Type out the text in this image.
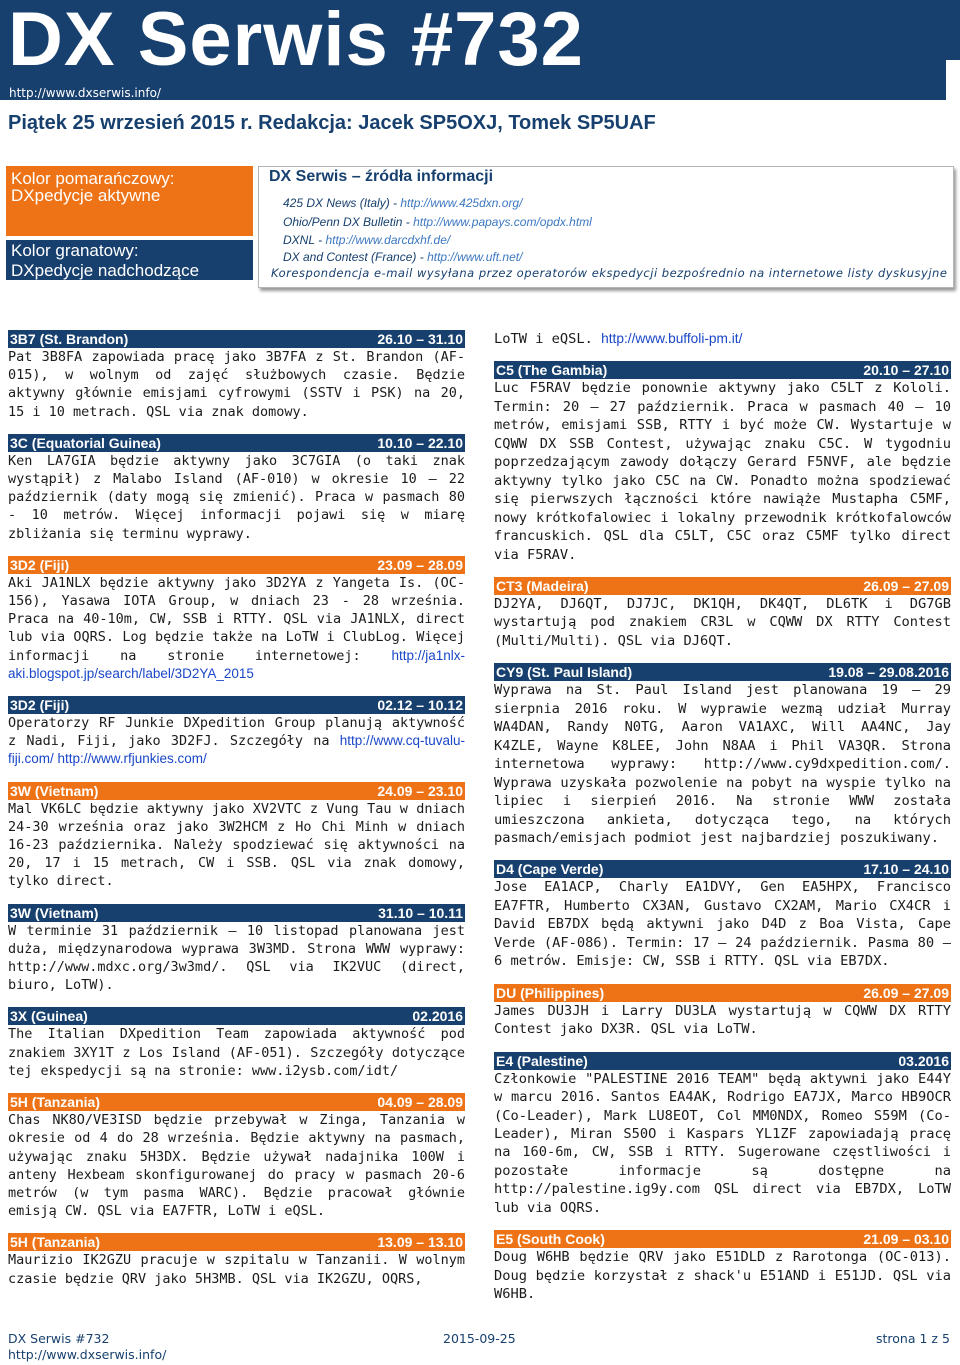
DX Serwis #732
http://www.dxserwis.info/
Piątek 25 wrzesień 2015 r. Redakcja: Jacek SP5OXJ, Tomek SP5UAF
Kolor pomarańczowy:
DXpedycje aktywne
Kolor granatowy:
DXpedycje nadchodzące
DX Serwis – źródła informacji
425 DX News (Italy) - http://www.425dxn.org/
Ohio/Penn DX Bulletin - http://www.papays.com/opdx.html
DXNL - http://www.darcdxhf.de/
DX and Contest (France) - http://www.uft.net/
Korespondencja e-mail wysyłana przez operatorów ekspedycji bezpośrednio na internetowe listy dyskusyjne
3B7 (St. Brandon)	26.10 – 31.10
Pat 3B8FA zapowiada pracę jako 3B7FA z St. Brandon (AF-015), w wolnym od zajęć służbowych czasie. Będzie aktywny głównie emisjami cyfrowymi (SSTV i PSK) na 20, 15 i 10 metrach. QSL via znak domowy.
3C (Equatorial Guinea)	10.10 – 22.10
Ken LA7GIA będzie aktywny jako 3C7GIA (o taki znak wystąpił) z Malabo Island (AF-010) w okresie 10 – 22 październik (daty mogą się zmienić). Praca w pasmach 80 - 10 metrów. Więcej informacji pojawi się w miarę zbliżania się terminu wyprawy.
3D2 (Fiji)	23.09 – 28.09
Aki JA1NLX będzie aktywny jako 3D2YA z Yangeta Is. (OC-156), Yasawa IOTA Group, w dniach 23 - 28 września. Praca na 40-10m, CW, SSB i RTTY. QSL via JA1NLX, direct lub via OQRS. Log będzie także na LoTW i ClubLog. Więcej informacji na stronie internetowej: http://ja1nlx-aki.blogspot.jp/search/label/3D2YA_2015
3D2 (Fiji)	02.12 – 10.12
Operatorzy RF Junkie DXpedition Group planują aktywność z Nadi, Fiji, jako 3D2FJ. Szczegóły na http://www.cq-tuvalu-fiji.com/ http://www.rfjunkies.com/
3W (Vietnam)	24.09 – 23.10
Mal VK6LC będzie aktywny jako XV2VTC z Vung Tau w dniach 24-30 września oraz jako 3W2HCM z Ho Chi Minh w dniach 16-23 października. Należy spodziewać się aktywności na 20, 17 i 15 metrach, CW i SSB. QSL via znak domowy, tylko direct.
3W (Vietnam)	31.10 – 10.11
W terminie 31 październik – 10 listopad planowana jest duża, międzynarodowa wyprawa 3W3MD. Strona WWW wyprawy: http://www.mdxc.org/3w3md/. QSL via IK2VUC (direct, biuro, LoTW).
3X (Guinea)	02.2016
The Italian DXpedition Team zapowiada aktywność pod znakiem 3XY1T z Los Island (AF-051). Szczegóły dotyczące tej ekspedycji są na stronie: www.i2ysb.com/idt/
5H (Tanzania)	04.09 – 28.09
Chas NK8O/VE3ISD będzie przebywał w Zinga, Tanzania w okresie od 4 do 28 września. Będzie aktywny na pasmach, używając znaku 5H3DX. Będzie używał nadajnika 100W i anteny Hexbeam skonfigurowanej do pracy w pasmach 20-6 metrów (w tym pasma WARC). Będzie pracował głównie emisją CW. QSL via EA7FTR, LoTW i eQSL.
5H (Tanzania)	13.09 – 13.10
Maurizio IK2GZU pracuje w szpitalu w Tanzanii. W wolnym czasie będzie QRV jako 5H3MB. QSL via IK2GZU, OQRS,
LoTW i eQSL. http://www.buffoli-pm.it/
C5 (The Gambia)	20.10 – 27.10
Luc F5RAV będzie ponownie aktywny jako C5LT z Kololi. Termin: 20 – 27 październik. Praca w pasmach 40 – 10 metrów, emisjami SSB, RTTY i być może CW. Wystartuje w CQWW DX SSB Contest, używając znaku C5C. W tygodniu poprzedzającym zawody dołączy Gerard F5NVF, ale będzie aktywny tylko jako C5C na CW. Ponadto można spodziewać się pierwszych łączności które nawiąże Mustapha C5MF, nowy krótkofalowiec i lokalny przewodnik krótkofalowców francuskich. QSL dla C5LT, C5C oraz C5MF tylko direct via F5RAV.
CT3 (Madeira)	26.09 – 27.09
DJ2YA, DJ6QT, DJ7JC, DK1QH, DK4QT, DL6TK i DG7GB wystartują pod znakiem CR3L w CQWW DX RTTY Contest (Multi/Multi). QSL via DJ6QT.
CY9 (St. Paul Island)	19.08 – 29.08.2016
Wyprawa na St. Paul Island jest planowana 19 – 29 sierpnia 2016 roku. W wyprawie wezmą udział Murray WA4DAN, Randy N0TG, Aaron VA1AXC, Will AA4NC, Jay K4ZLE, Wayne K8LEE, John N8AA i Phil VA3QR. Strona internetowa wyprawy: http://www.cy9dxpedition.com/. Wyprawa uzyskała pozwolenie na pobyt na wyspie tylko na lipiec i sierpień 2016. Na stronie WWW została umieszczona ankieta, dotycząca tego, na których pasmach/emisjach podmiot jest najbardziej poszukiwany.
D4 (Cape Verde)	17.10 – 24.10
Jose EA1ACP, Charly EA1DVY, Gen EA5HPX, Francisco EA7FTR, Humberto CX3AN, Gustavo CX2AM, Mario CX4CR i David EB7DX będą aktywni jako D4D z Boa Vista, Cape Verde (AF-086). Termin: 17 – 24 październik. Pasma 80 – 6 metrów. Emisje: CW, SSB i RTTY. QSL via EB7DX.
DU (Philippines)	26.09 – 27.09
James DU3JH i Larry DU3LA wystartują w CQWW DX RTTY Contest jako DX3R. QSL via LoTW.
E4 (Palestine)	03.2016
Członkowie "PALESTINE 2016 TEAM" będą aktywni jako E44Y w marcu 2016. Santos EA4AK, Rodrigo EA7JX, Marco HB9OCR (Co-Leader), Mark LU8EOT, Col MM0NDX, Romeo S59M (Co-Leader), Miran S50O i Kaspars YL1ZF zapowiadają pracę na 160-6m, CW, SSB i RTTY. Sugerowane częstliwości i pozostałe informacje są dostępne na http://palestine.ig9y.com QSL direct via EB7DX, LoTW lub via OQRS.
E5 (South Cook)	21.09 – 03.10
Doug W6HB będzie QRV jako E51DLD z Rarotonga (OC-013). Doug będzie korzystał z shack'u E51AND i E51JD. QSL via W6HB.
DX Serwis #732
http://www.dxserwis.info/
2015-09-25	strona 1 z 5
